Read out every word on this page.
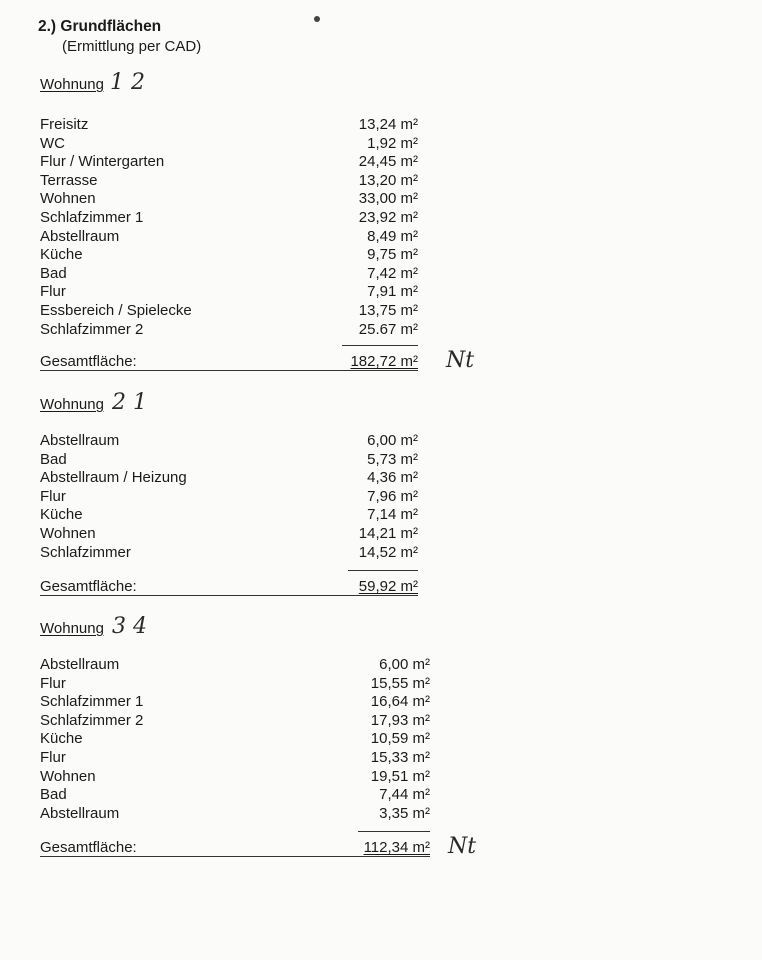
2.) Grundflächen
(Ermittlung per CAD)
Wohnung 1 2
Freisitz	13,24 m²
WC	1,92 m²
Flur / Wintergarten	24,45 m²
Terrasse	13,20 m²
Wohnen	33,00 m²
Schlafzimmer 1	23,92 m²
Abstellraum	8,49 m²
Küche	9,75 m²
Bad	7,42 m²
Flur	7,91 m²
Essbereich / Spielecke	13,75 m²
Schlafzimmer 2	25.67 m²
Gesamtfläche:	182,72 m² Nt
Wohnung 2 1
Abstellraum	6,00 m²
Bad	5,73 m²
Abstellraum / Heizung	4,36 m²
Flur	7,96 m²
Küche	7,14 m²
Wohnen	14,21 m²
Schlafzimmer	14,52 m²
Gesamtfläche:	59,92 m²
Wohnung 3 4
Abstellraum	6,00 m²
Flur	15,55 m²
Schlafzimmer 1	16,64 m²
Schlafzimmer 2	17,93 m²
Küche	10,59 m²
Flur	15,33 m²
Wohnen	19,51 m²
Bad	7,44 m²
Abstellraum	3,35 m²
Gesamtfläche:	112,34 m² Nt
